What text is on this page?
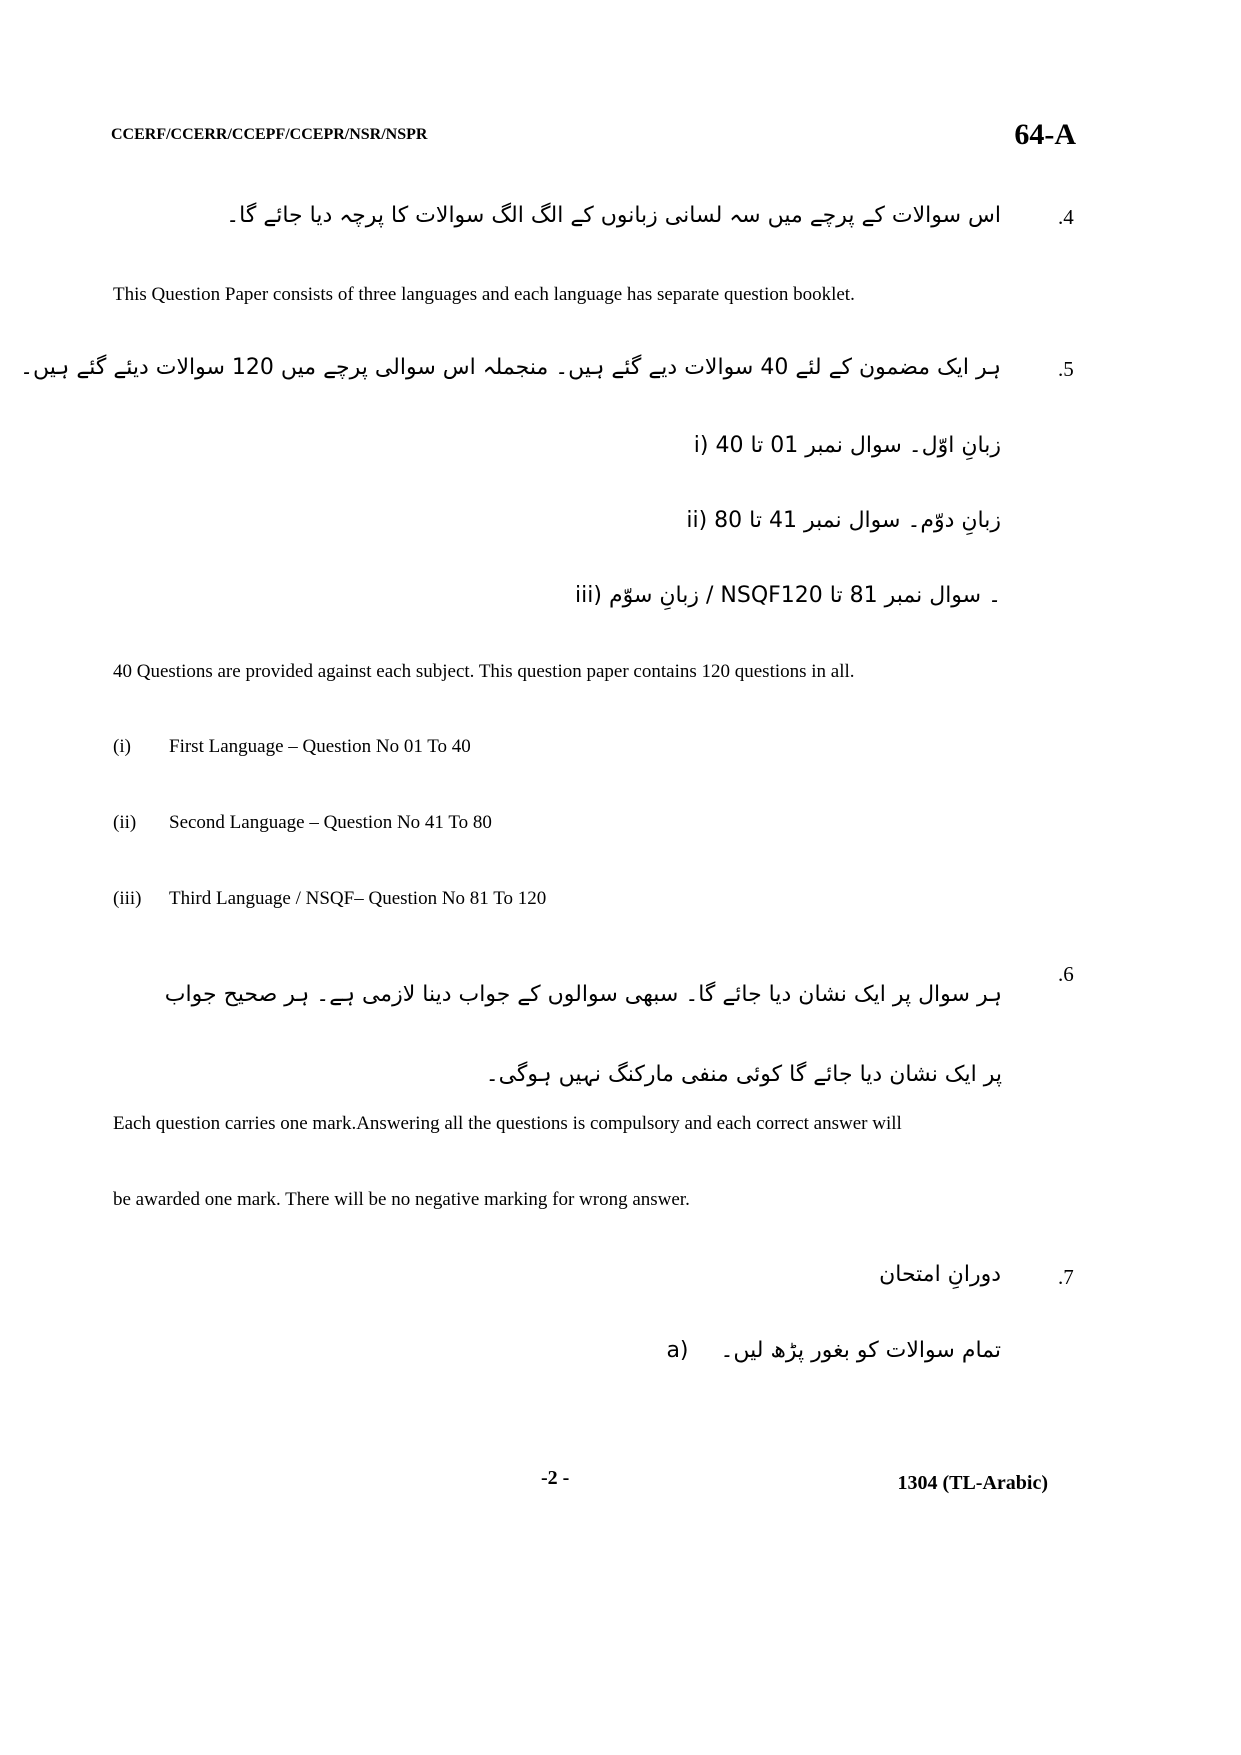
CCERF/CCERR/CCEPF/CCEPR/NSR/NSPR	64-A
.4
اس سوالات کے پرچے میں سہ لسانی زبانوں کے الگ الگ سوالات کا پرچہ دیا جائے گا۔
This Question Paper consists of three languages and each language has separate question booklet.
.5
ہر ایک مضمون کے لئے 40 سوالات دیے گئے ہیں۔ منجملہ اس سوالی پرچے میں 120 سوالات دیئے گئے ہیں۔
i) زبانِ اوّل۔ سوال نمبر 01 تا 40
ii) زبانِ دوّم۔ سوال نمبر 41 تا 80
iii) زبانِ سوّم / NSQF۔ سوال نمبر 81 تا 120
40 Questions are provided against each subject. This question paper contains 120 questions in all.
(i) First Language – Question No 01 To 40
(ii) Second Language – Question No 41 To 80
(iii) Third Language / NSQF– Question No 81 To 120
.6
ہر سوال پر ایک نشان دیا جائے گا۔ سبھی سوالوں کے جواب دینا لازمی ہے۔ ہر صحیح جواب پر ایک نشان دیا جائے گا کوئی منفی مارکنگ نہیں ہوگی۔
Each question carries one mark.Answering all the questions is compulsory and each correct answer will
be awarded one mark. There will be no negative marking for wrong answer.
.7
دورانِ امتحان
a) تمام سوالات کو بغور پڑھ لیں۔
-2 -	1304 (TL-Arabic)
